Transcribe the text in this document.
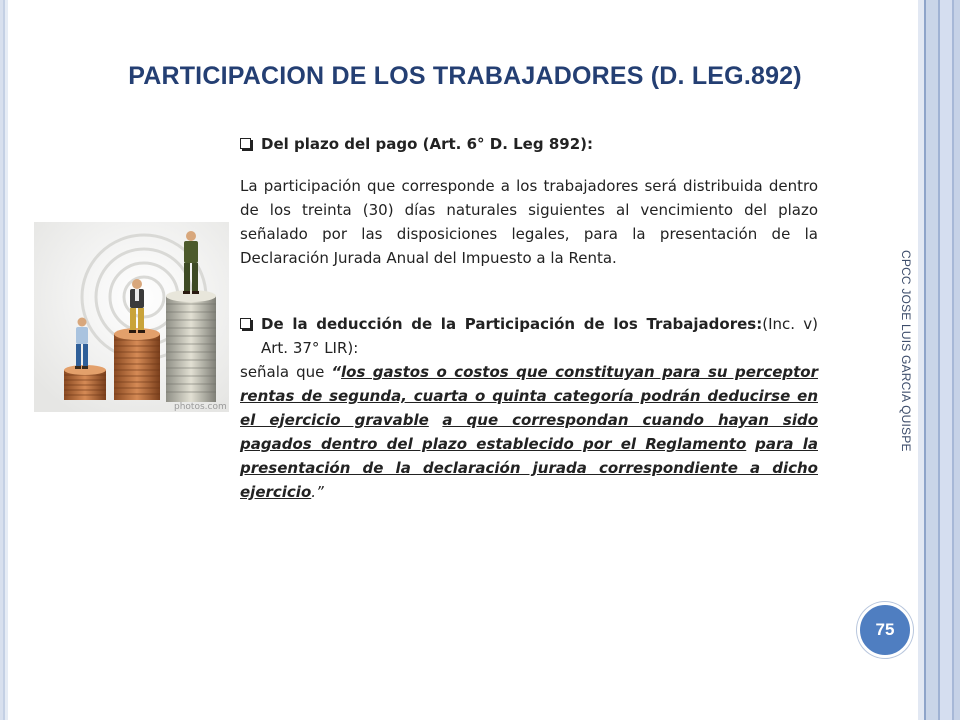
PARTICIPACION DE LOS TRABAJADORES (D. LEG.892)
photos.com
Del plazo del pago (Art. 6° D. Leg 892):
La participación que corresponde a los trabajadores será distribuida dentro de los treinta (30) días naturales siguientes al vencimiento del plazo señalado por las disposiciones legales, para la presentación de la Declaración Jurada Anual del Impuesto a la Renta.
De la deducción de la Participación de los Trabajadores:(Inc. v) Art. 37° LIR):
señala que “los gastos o costos que constituyan para su perceptor rentas de segunda, cuarta o quinta categoría podrán deducirse en el ejercicio gravable a que correspondan cuando hayan sido pagados dentro del plazo establecido por el Reglamento para la presentación de la declaración jurada correspondiente a dicho ejercicio.”
CPCC JOSE LUIS GARCIA QUISPE
75
